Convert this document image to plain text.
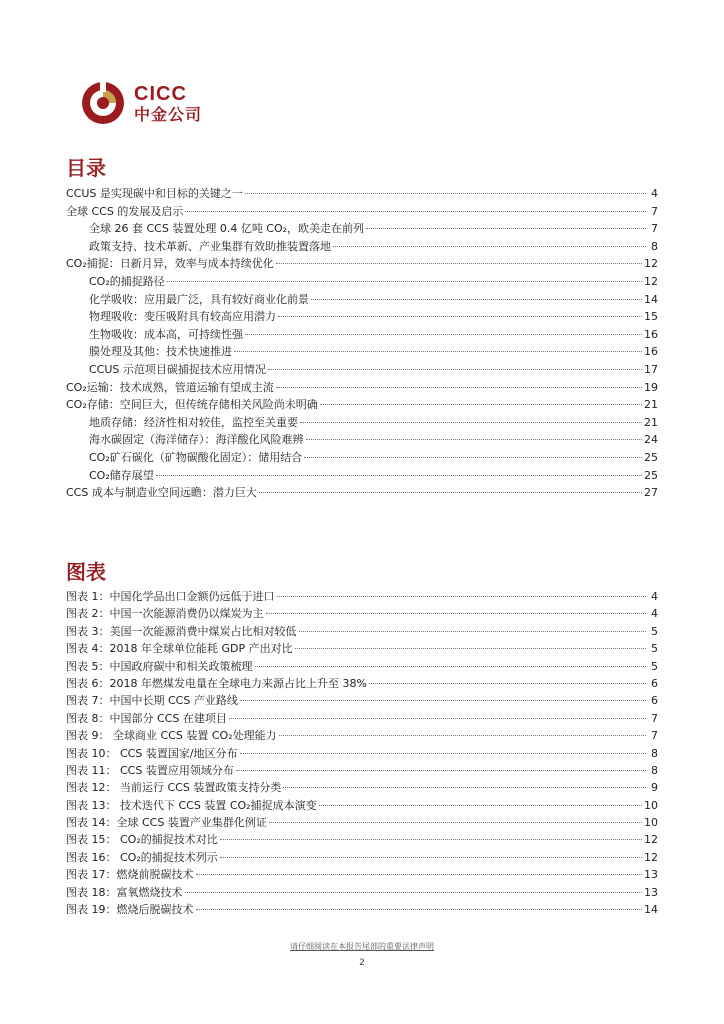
CICC
中金公司
目录
CCUS 是实现碳中和目标的关键之一	4
全球 CCS 的发展及启示	7
全球 26 套 CCS 装置处理 0.4 亿吨 CO₂，欧美走在前列	7
政策支持、技术革新、产业集群有效助推装置落地	8
CO₂捕捉：日新月异，效率与成本持续优化	12
CO₂的捕捉路径	12
化学吸收：应用最广泛，具有较好商业化前景	14
物理吸收：变压吸附具有较高应用潜力	15
生物吸收：成本高，可持续性强	16
膜处理及其他：技术快速推进	16
CCUS 示范项目碳捕捉技术应用情况	17
CO₂运输：技术成熟，管道运输有望成主流	19
CO₂存储：空间巨大，但传统存储相关风险尚未明确	21
地质存储：经济性相对较佳，监控至关重要	21
海水碳固定（海洋储存）：海洋酸化风险难辨	24
CO₂矿石碳化（矿物碳酸化固定）：储用结合	25
CO₂储存展望	25
CCS 成本与制造业空间远瞻：潜力巨大	27
图表
图表 1：中国化学品出口金额仍远低于进口	4
图表 2：中国一次能源消费仍以煤炭为主	4
图表 3：美国一次能源消费中煤炭占比相对较低	5
图表 4：2018 年全球单位能耗 GDP 产出对比	5
图表 5：中国政府碳中和相关政策梳理	5
图表 6：2018 年燃煤发电量在全球电力来源占比上升至 38%	6
图表 7：中国中长期 CCS 产业路线	6
图表 8：中国部分 CCS 在建项目	7
图表 9： 全球商业 CCS 装置 CO₂处理能力	7
图表 10： CCS 装置国家/地区分布	8
图表 11： CCS 装置应用领域分布	8
图表 12： 当前运行 CCS 装置政策支持分类	9
图表 13： 技术迭代下 CCS 装置 CO₂捕捉成本演变	10
图表 14：全球 CCS 装置产业集群化例证	10
图表 15： CO₂的捕捉技术对比	12
图表 16： CO₂的捕捉技术列示	12
图表 17：燃烧前脱碳技术	13
图表 18：富氧燃烧技术	13
图表 19：燃烧后脱碳技术	14
请仔细阅读在本报告尾部的重要法律声明
2
